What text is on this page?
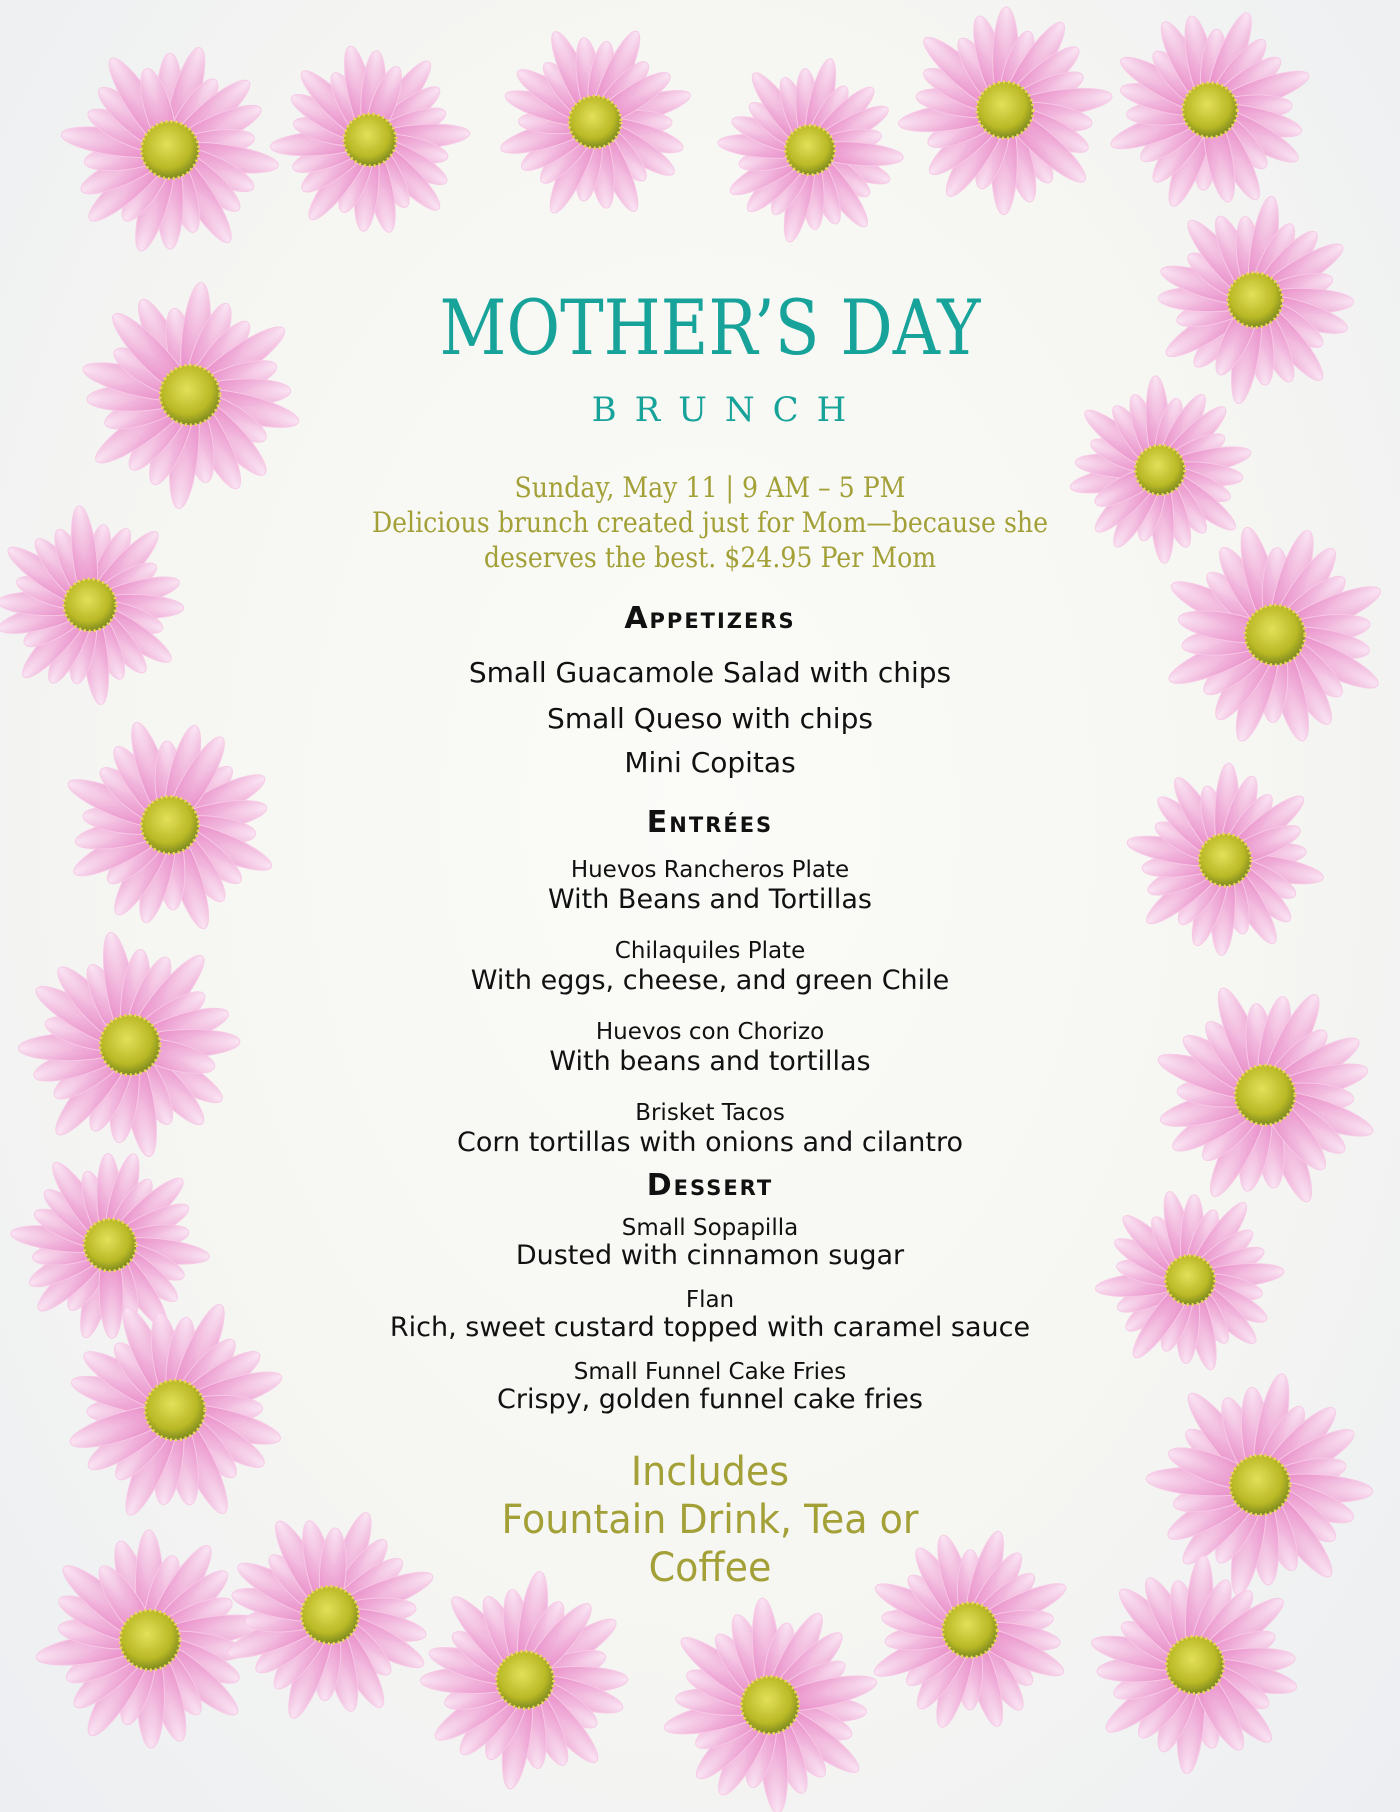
MOTHER’S DAY
BRUNCH
Sunday, May 11 | 9 AM – 5 PM
Delicious brunch created just for Mom—because she
deserves the best. $24.95 Per Mom
Appetizers
Small Guacamole Salad with chips
Small Queso with chips
Mini Copitas
Entrées
Huevos Rancheros Plate
With Beans and Tortillas
Chilaquiles Plate
With eggs, cheese, and green Chile
Huevos con Chorizo
With beans and tortillas
Brisket Tacos
Corn tortillas with onions and cilantro
Dessert
Small Sopapilla
Dusted with cinnamon sugar
Flan
Rich, sweet custard topped with caramel sauce
Small Funnel Cake Fries
Crispy, golden funnel cake fries
Includes
Fountain Drink, Tea or
Coffee
